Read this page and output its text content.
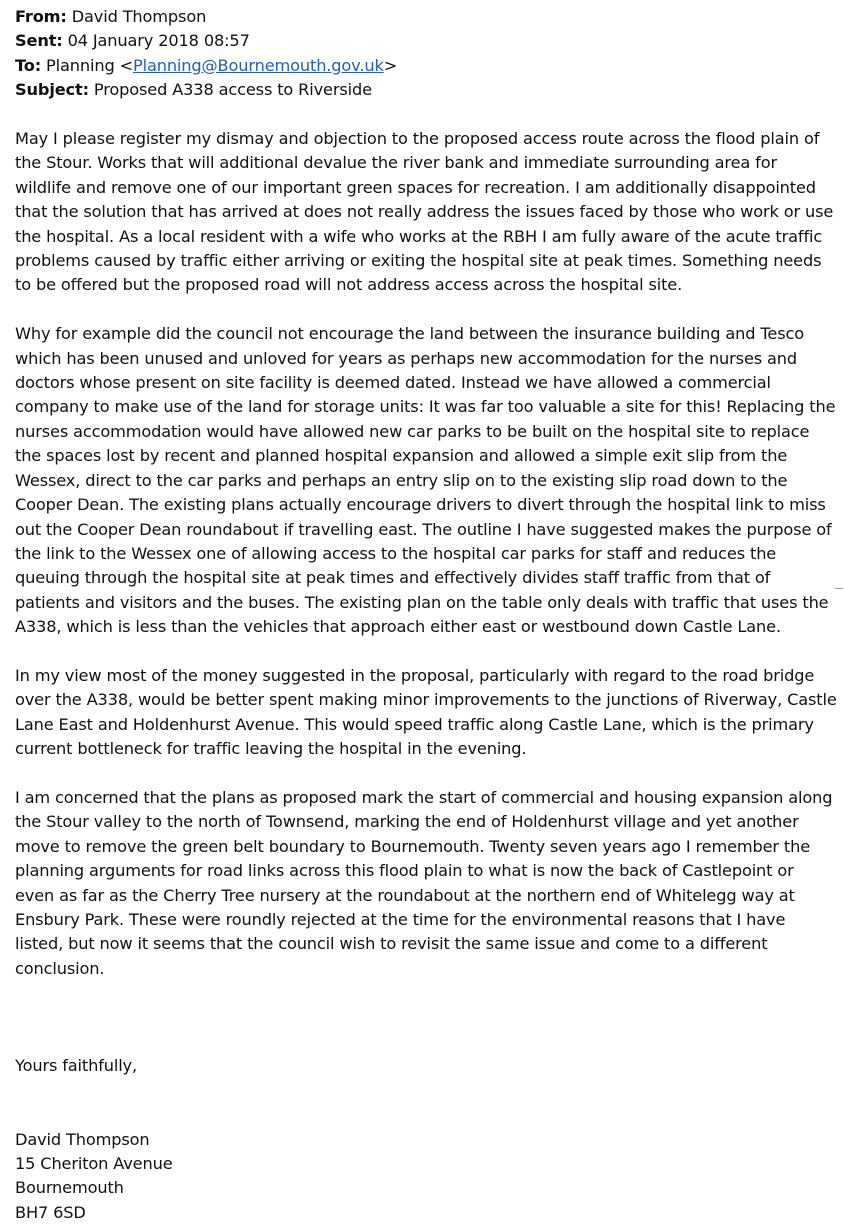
From: David Thompson
Sent: 04 January 2018 08:57
To: Planning <Planning@Bournemouth.gov.uk>
Subject: Proposed A338 access to Riverside

May I please register my dismay and objection to the proposed access route across the flood plain of the Stour. Works that will additional devalue the river bank and immediate surrounding area for wildlife and remove one of our important green spaces for recreation. I am additionally disappointed that the solution that has arrived at does not really address the issues faced by those who work or use the hospital. As a local resident with a wife who works at the RBH I am fully aware of the acute traffic problems caused by traffic either arriving or exiting the hospital site at peak times. Something needs to be offered but the proposed road will not address access across the hospital site.

Why for example did the council not encourage the land between the insurance building and Tesco which has been unused and unloved for years as perhaps new accommodation for the nurses and doctors whose present on site facility is deemed dated. Instead we have allowed a commercial company to make use of the land for storage units: It was far too valuable a site for this! Replacing the nurses accommodation would have allowed new car parks to be built on the hospital site to replace the spaces lost by recent and planned hospital expansion and allowed a simple exit slip from the Wessex, direct to the car parks and perhaps an entry slip on to the existing slip road down to the Cooper Dean. The existing plans actually encourage drivers to divert through the hospital link to miss out the Cooper Dean roundabout if travelling east. The outline I have suggested makes the purpose of the link to the Wessex one of allowing access to the hospital car parks for staff and reduces the queuing through the hospital site at peak times and effectively divides staff traffic from that of patients and visitors and the buses. The existing plan on the table only deals with traffic that uses the A338, which is less than the vehicles that approach either east or westbound down Castle Lane.

In my view most of the money suggested in the proposal, particularly with regard to the road bridge over the A338, would be better spent making minor improvements to the junctions of Riverway, Castle Lane East and Holdenhurst Avenue. This would speed traffic along Castle Lane, which is the primary current bottleneck for traffic leaving the hospital in the evening.

I am concerned that the plans as proposed mark the start of commercial and housing expansion along the Stour valley to the north of Townsend, marking the end of Holdenhurst village and yet another move to remove the green belt boundary to Bournemouth. Twenty seven years ago I remember the planning arguments for road links across this flood plain to what is now the back of Castlepoint or even as far as the Cherry Tree nursery at the roundabout at the northern end of Whitelegg way at Ensbury Park. These were roundly rejected at the time for the environmental reasons that I have listed, but now it seems that the council wish to revisit the same issue and come to a different conclusion.

Yours faithfully,
David Thompson
15 Cheriton Avenue
Bournemouth
BH7 6SD
